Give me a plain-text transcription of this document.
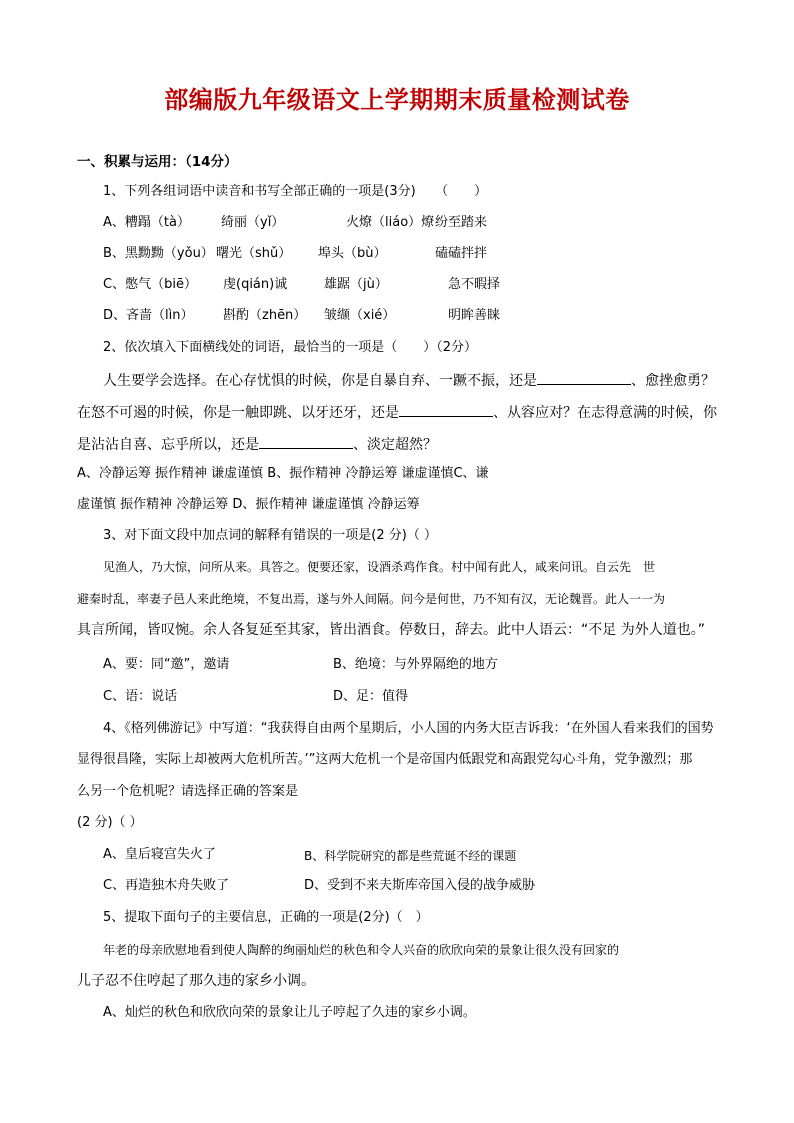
部编版九年级语文上学期期末质量检测试卷
一、积累与运用：（14分）
1、下列各组词语中读音和书写全部正确的一项是(3分)　　（　　）
A、糟蹋（tà） 绮丽（yǐ）	火燎（liáo）燎 纷至踏来
B、黑黝黝（yǒu） 曙光（shǔ） 埠头（bù）	磕磕拌拌
C、憋气（biē） 虔(qián)诚	雄踞（jù）	急不暇择
D、吝啬（lìn） 斟酌（zhēn） 皱缬（xié）	明眸善睐
2、依次填入下面横线处的词语，最恰当的一项是（　　）（2分）
人生要学会选择。在心存忧惧的时候，你是自暴自弃、一蹶不振，还是	、愈挫愈勇？
在怒不可遏的时候，你是一触即跳、以牙还牙，还是	、从容应对？在志得意满的时候，你
是沾沾自喜、忘乎所以，还是	、淡定超然？
A、冷静运筹 振作精神 谦虚谨慎 B、振作精神 冷静运筹 谦虚谨慎C、谦
虚谨慎 振作精神 冷静运筹 D、振作精神 谦虚谨慎 冷静运筹
3、对下面文段中加点词的解释有错误的一项是(2 分)（ ）
见渔人，乃大惊，问所从来。具答之。便要还家，设酒杀鸡作食。村中闻有此人，咸来问讯。自云先　世
避秦时乱，率妻子邑人来此绝境，不复出焉，遂与外人间隔。问今是何世，乃不知有汉，无论魏晋。此人一一为
具言所闻，皆叹惋。余人各复延至其家，皆出酒食。停数日，辞去。此中人语云：“不足 为外人道也。”
A、要：同“邀”，邀请	B、绝境：与外界隔绝的地方
C、语：说话	D、足：值得
4、《格列佛游记》中写道：“我获得自由两个星期后，小人国的内务大臣吉诉我：‘在外国人看来我们的国势
显得很昌隆，实际上却被两大危机所苦。’”这两大危机一个是帝国内低跟党和高跟党勾心斗角，党争激烈；那
么另一个危机呢？请选择正确的答案是
(2 分)（ ）
A、皇后寝宫失火了	B、科学院研究的都是些荒诞不经的课题
C、再造独木舟失败了	D、受到不来夫斯库帝国入侵的战争威胁
5、提取下面句子的主要信息，正确的一项是(2分)（　）
年老的母亲欣慰地看到使人陶醉的绚丽灿烂的秋色和令人兴奋的欣欣向荣的景象让很久没有回家的
儿子忍不住哼起了那久违的家乡小调。
A、灿烂的秋色和欣欣向荣的景象让儿子哼起了久违的家乡小调。
